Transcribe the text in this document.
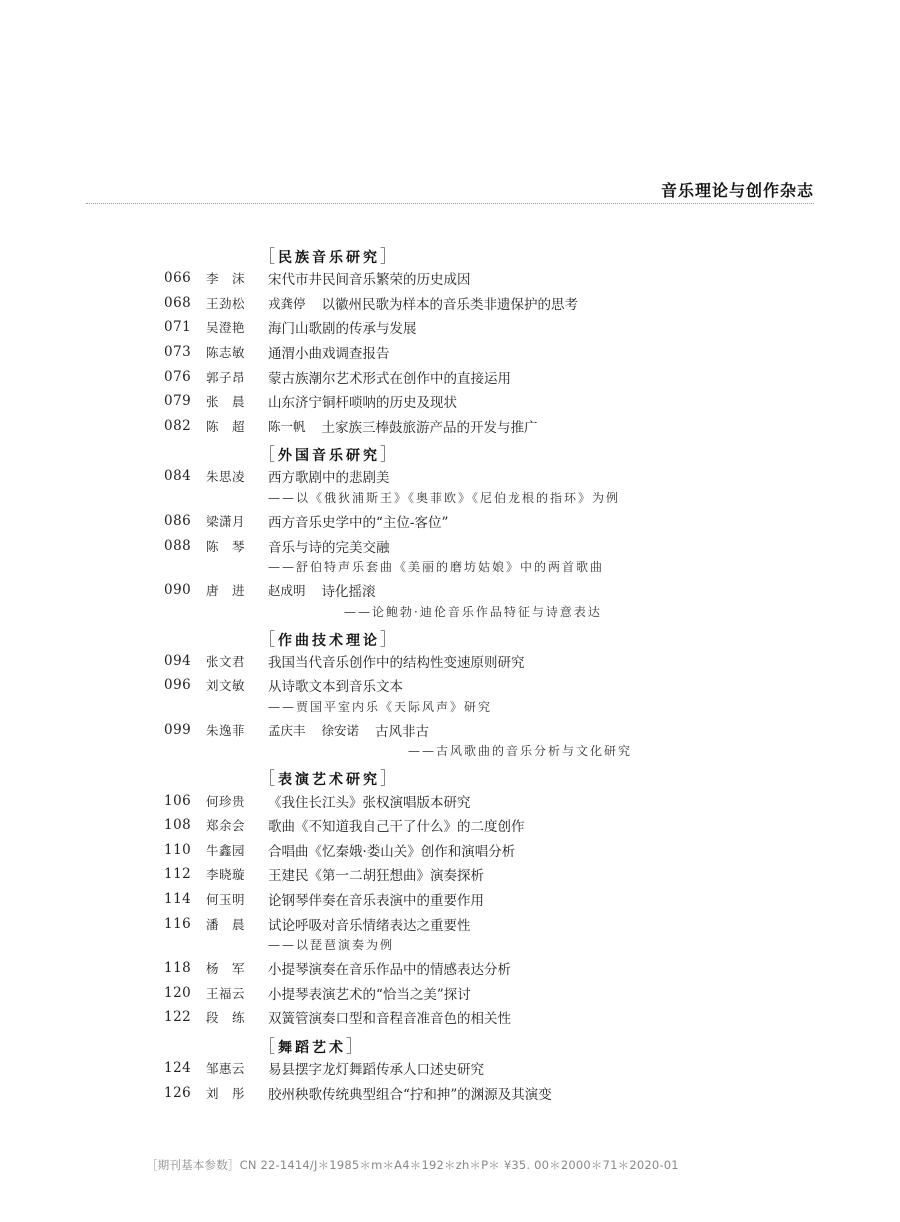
音乐理论与创作杂志
［民族音乐研究］
066	李　沫	宋代市井民间音乐繁荣的历史成因
068	王劲松	戎龚停 以徽州民歌为样本的音乐类非遗保护的思考
071	吴澄艳	海门山歌剧的传承与发展
073	陈志敏	通渭小曲戏调查报告
076	郭子昂	蒙古族潮尔艺术形式在创作中的直接运用
079	张　晨	山东济宁铜杆唢呐的历史及现状
082	陈　超	陈一帆 土家族三棒鼓旅游产品的开发与推广
［外国音乐研究］
084	朱思凌	西方歌剧中的悲剧美
——以《俄狄浦斯王》《奥菲欧》《尼伯龙根的指环》为例
086	梁潇月	西方音乐史学中的“主位-客位”
088	陈　琴	音乐与诗的完美交融
——舒伯特声乐套曲《美丽的磨坊姑娘》中的两首歌曲
090	唐　进	赵成明 诗化摇滚
——论鲍勃·迪伦音乐作品特征与诗意表达
［作曲技术理论］
094	张文君	我国当代音乐创作中的结构性变速原则研究
096	刘文敏	从诗歌文本到音乐文本
——贾国平室内乐《天际风声》研究
099	朱逸菲	孟庆丰 徐安诺 古风非古
——古风歌曲的音乐分析与文化研究
［表演艺术研究］
106	何珍贵	《我住长江头》张权演唱版本研究
108	郑余会	歌曲《不知道我自己干了什么》的二度创作
110	牛鑫园	合唱曲《忆秦娥·娄山关》创作和演唱分析
112	李晓璇	王建民《第一二胡狂想曲》演奏探析
114	何玉明	论钢琴伴奏在音乐表演中的重要作用
116	潘　晨	试论呼吸对音乐情绪表达之重要性
——以琵琶演奏为例
118	杨　军	小提琴演奏在音乐作品中的情感表达分析
120	王福云	小提琴表演艺术的“恰当之美”探讨
122	段　练	双簧管演奏口型和音程音准音色的相关性
［舞蹈艺术］
124	邹惠云	易县摆字龙灯舞蹈传承人口述史研究
126	刘　彤	胶州秧歌传统典型组合“拧和抻”的渊源及其演变
［期刊基本参数］CN 22-1414/J＊1985＊m＊A4＊192＊zh＊P＊ ¥35. 00＊2000＊71＊2020-01
